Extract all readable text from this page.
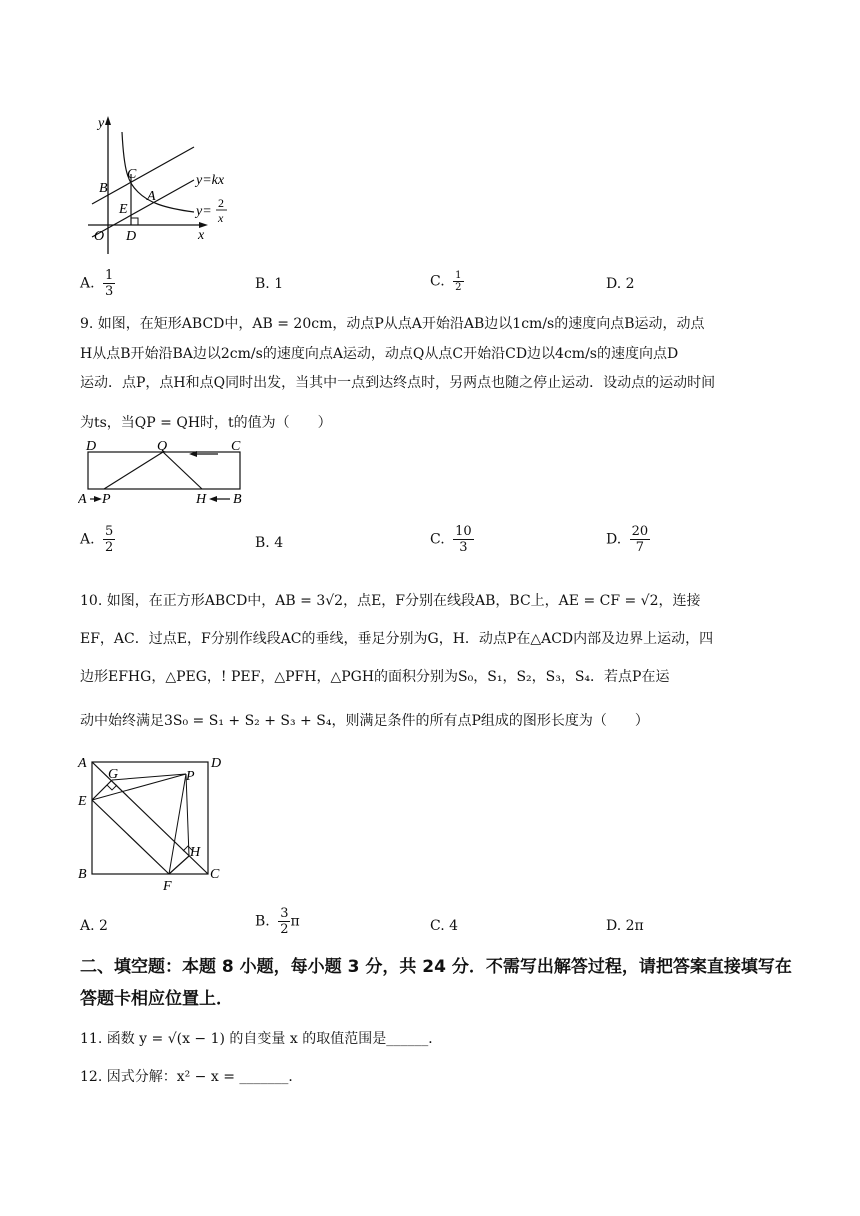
y
x
O
B
C
A
E
D
y=kx
y=
2
x
A. $\frac{1}{3}$	B. 1	C. $\frac{1}{2}$	D. 2
9. 如图，在矩形ABCD中，AB = 20cm，动点P从点A开始沿AB边以1cm/s的速度向点B运动，动点
H从点B开始沿BA边以2cm/s的速度向点A运动，动点Q从点C开始沿CD边以4cm/s的速度向点D
运动．点P，点H和点Q同时出发，当其中一点到达终点时，另两点也随之停止运动．设动点的运动时间
为ts，当QP = QH时，t的值为（　　）
D	Q	C
A P	H B
A. $\frac{5}{2}$	B. 4	C. $\frac{10}{3}$	D. $\frac{20}{7}$
10. 如图，在正方形ABCD中，AB = 3√2，点E，F分别在线段AB，BC上，AE = CF = √2，连接
EF，AC．过点E，F分别作线段AC的垂线，垂足分别为G，H．动点P在△ACD内部及边界上运动，四
边形EFHG，△PEG，! PEF，△PFH，△PGH的面积分别为S₀，S₁，S₂，S₃，S₄．若点P在运
动中始终满足3S₀ = S₁ + S₂ + S₃ + S₄，则满足条件的所有点P组成的图形长度为（　　）
A	D
G	P
E
H
B
F
C
A. 2	B. $\frac{3}{2}$ π	C. 4	D. 2π
二、填空题：本题 8 小题，每小题 3 分，共 24 分．不需写出解答过程，请把答案直接填写在
答题卡相应位置上．
11. 函数 y = √(x − 1) 的自变量 x 的取值范围是______．
12. 因式分解：x² − x = _______．
